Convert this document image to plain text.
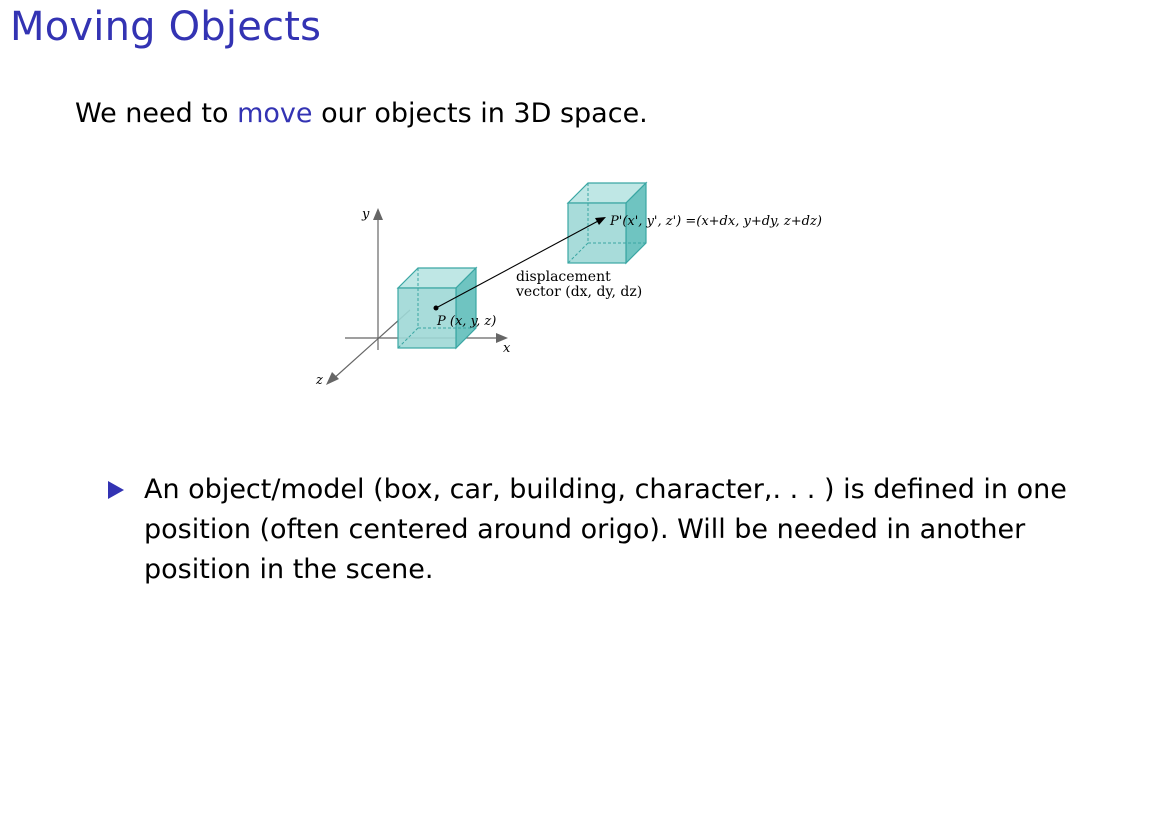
Moving Objects
We need to move our objects in 3D space.
y
x
z
P (x, y, z)
P'(x', y', z') =(x+dx, y+dy, z+dz)
displacement
vector (dx, dy, dz)
An object/model (box, car, building, character,. . . ) is defined in one position (often centered around origo). Will be needed in another position in the scene.
